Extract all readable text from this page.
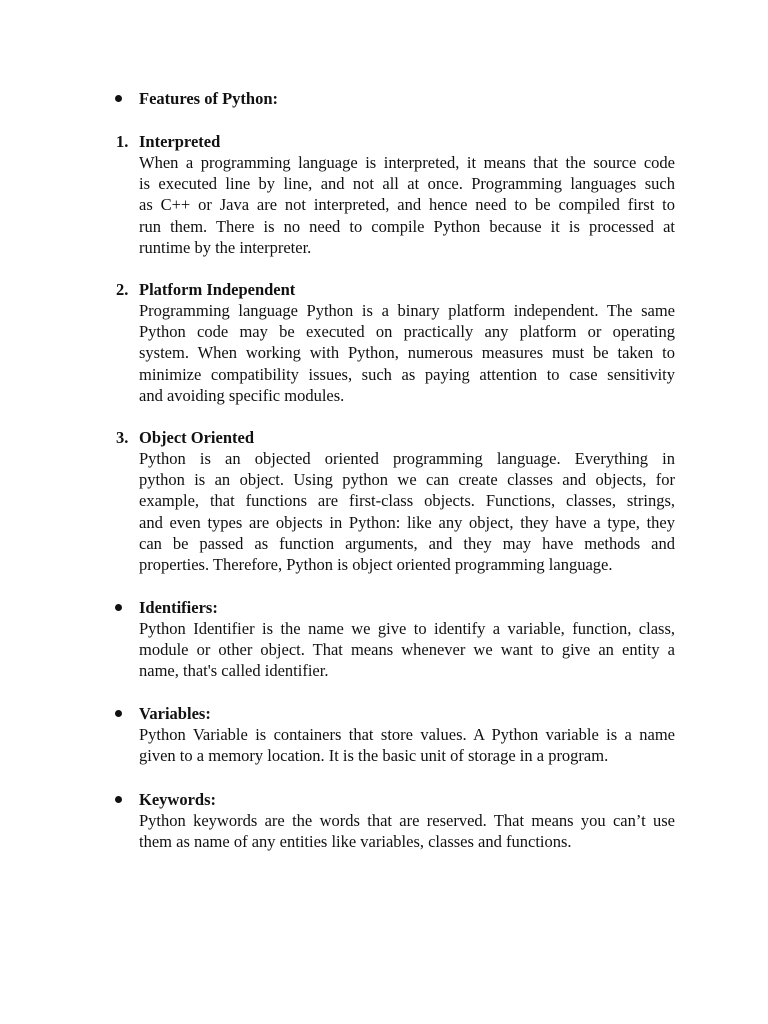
Features of Python:
1. Interpreted
When a programming language is interpreted, it means that the source code
is executed line by line, and not all at once. Programming languages such
as C++ or Java are not interpreted, and hence need to be compiled first to
run them. There is no need to compile Python because it is processed at
runtime by the interpreter.
2. Platform Independent
Programming language Python is a binary platform independent. The same
Python code may be executed on practically any platform or operating
system. When working with Python, numerous measures must be taken to
minimize compatibility issues, such as paying attention to case sensitivity
and avoiding specific modules.
3. Object Oriented
Python is an objected oriented programming language. Everything in
python is an object. Using python we can create classes and objects, for
example, that functions are first-class objects. Functions, classes, strings,
and even types are objects in Python: like any object, they have a type, they
can be passed as function arguments, and they may have methods and
properties. Therefore, Python is object oriented programming language.
Identifiers:
Python Identifier is the name we give to identify a variable, function, class,
module or other object. That means whenever we want to give an entity a
name, that's called identifier.
Variables:
Python Variable is containers that store values. A Python variable is a name
given to a memory location. It is the basic unit of storage in a program.
Keywords:
Python keywords are the words that are reserved. That means you can’t use
them as name of any entities like variables, classes and functions.
